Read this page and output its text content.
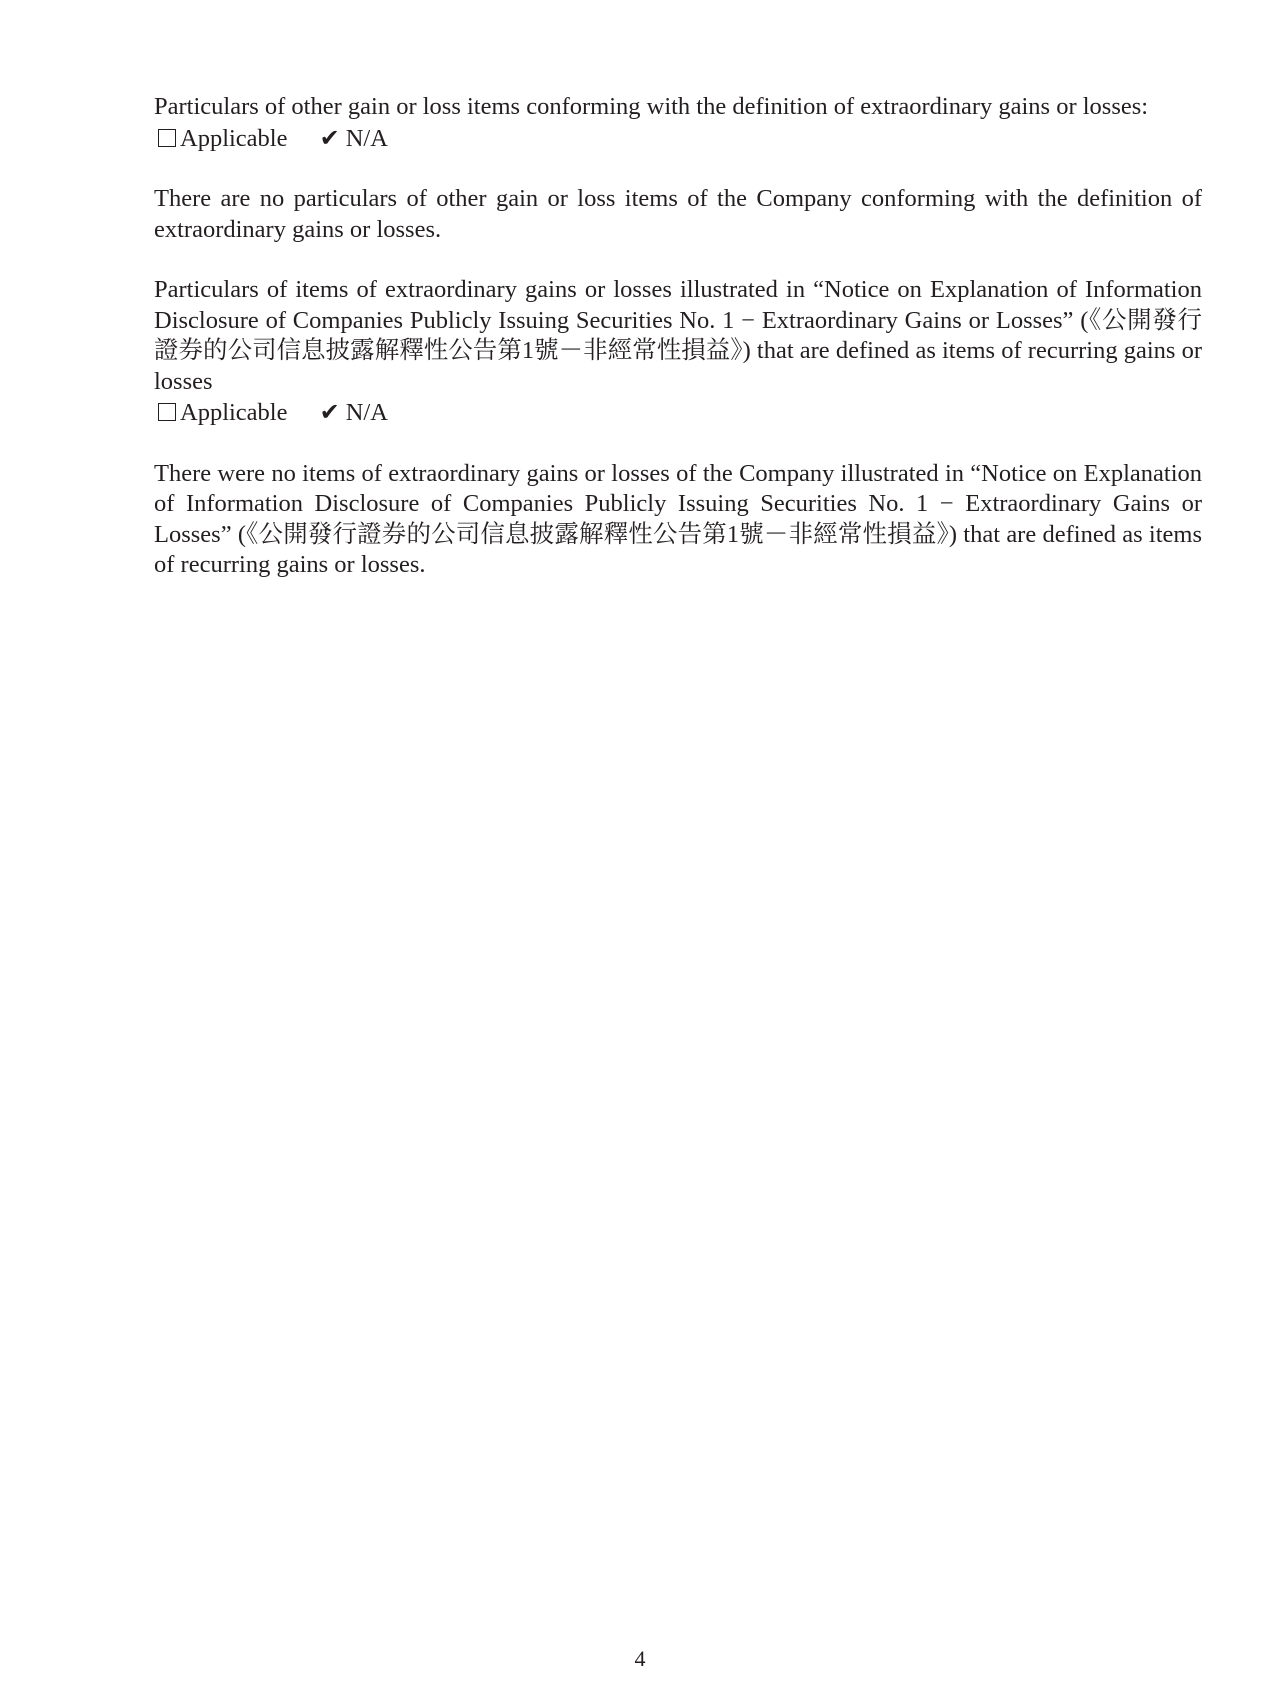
Particulars of other gain or loss items conforming with the definition of extraordinary gains or losses:

Applicable ✔ N/A

There are no particulars of other gain or loss items of the Company conforming with the definition of extraordinary gains or losses.

Particulars of items of extraordinary gains or losses illustrated in “Notice on Explanation of Information Disclosure of Companies Publicly Issuing Securities No. 1 − Extraordinary Gains or Losses” (《公開發行證券的公司信息披露解釋性公告第1號－非經常性損益》) that are defined as items of recurring gains or losses

Applicable ✔ N/A

There were no items of extraordinary gains or losses of the Company illustrated in “Notice on Explanation of Information Disclosure of Companies Publicly Issuing Securities No. 1 − Extraordinary Gains or Losses” (《公開發行證券的公司信息披露解釋性公告第1號－非經常性損益》) that are defined as items of recurring gains or losses.

4
